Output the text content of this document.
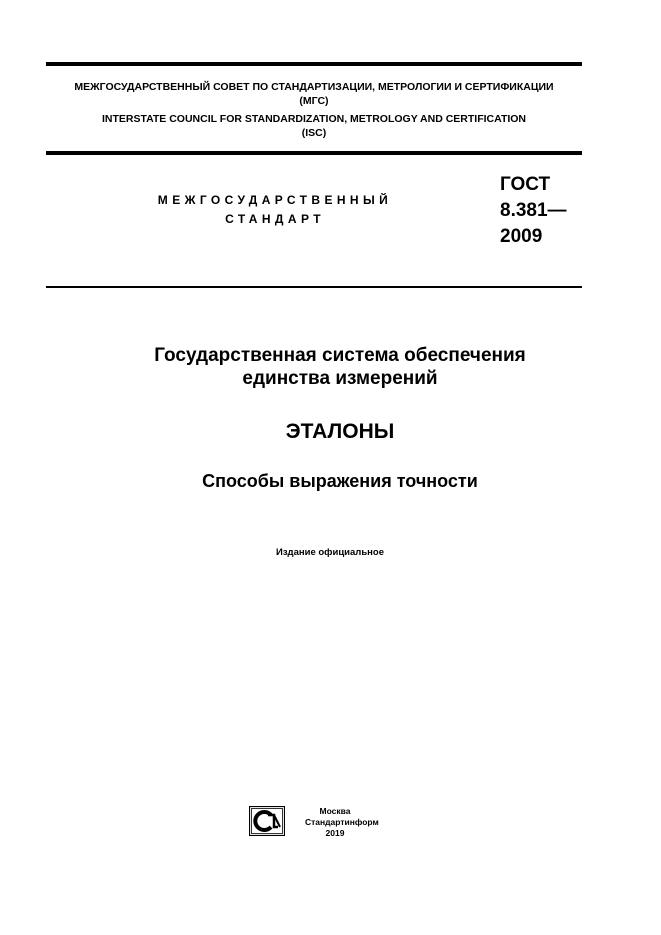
МЕЖГОСУДАРСТВЕННЫЙ СОВЕТ ПО СТАНДАРТИЗАЦИИ, МЕТРОЛОГИИ И СЕРТИФИКАЦИИ
(МГС)
INTERSTATE COUNCIL FOR STANDARDIZATION, METROLOGY AND CERTIFICATION
(ISC)
МЕЖГОСУДАРСТВЕННЫЙ
СТАНДАРТ
ГОСТ
8.381—
2009
Государственная система обеспечения
единства измерений
ЭТАЛОНЫ
Способы выражения точности
Издание официальное
Москва
Стандартинформ
2019
